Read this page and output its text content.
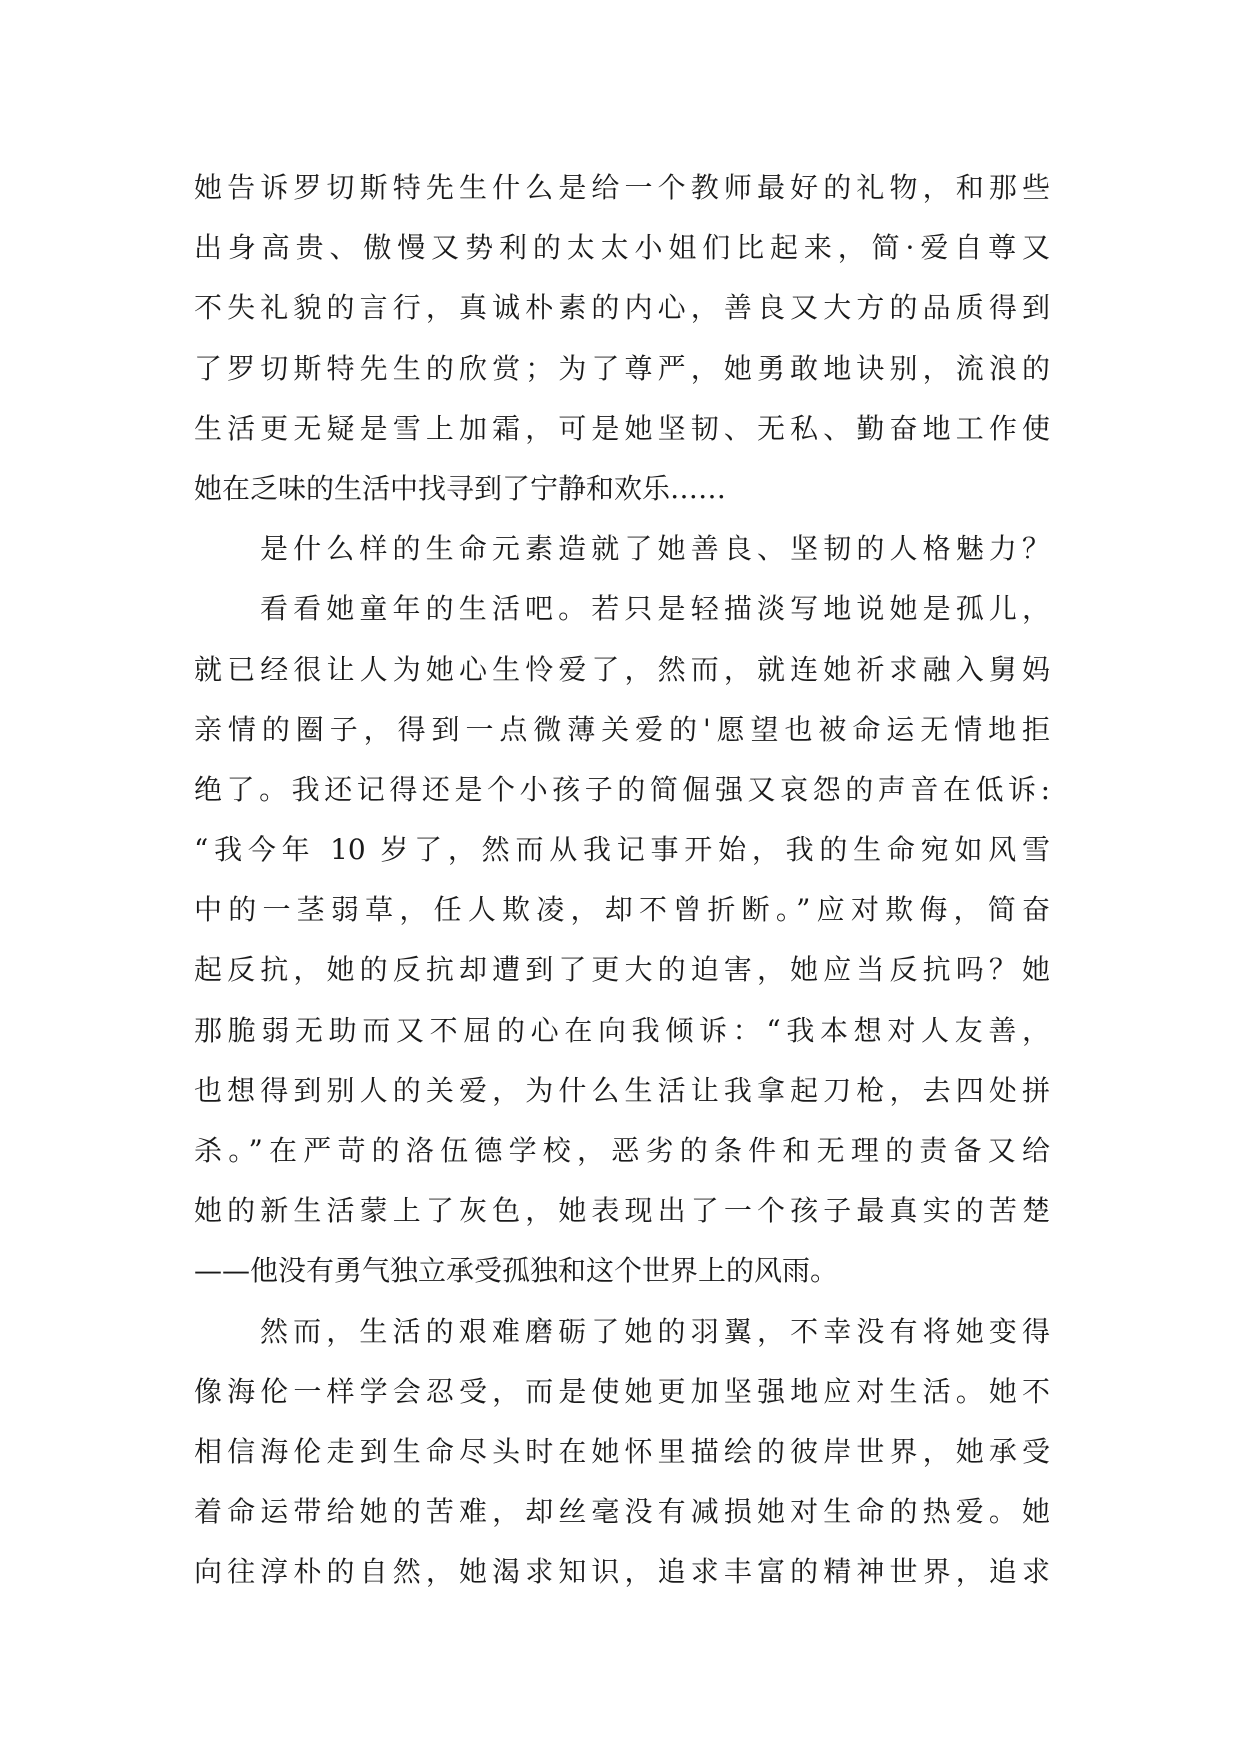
她告诉罗切斯特先生什么是给一个教师最好的礼物，和那些
出身高贵、傲慢又势利的太太小姐们比起来，简·爱自尊又
不失礼貌的言行，真诚朴素的内心，善良又大方的品质得到
了罗切斯特先生的欣赏；为了尊严，她勇敢地诀别，流浪的
生活更无疑是雪上加霜，可是她坚韧、无私、勤奋地工作使
她在乏味的生活中找寻到了宁静和欢乐……
是什么样的生命元素造就了她善良、坚韧的人格魅力？
看看她童年的生活吧。若只是轻描淡写地说她是孤儿，
就已经很让人为她心生怜爱了，然而，就连她祈求融入舅妈
亲情的圈子，得到一点微薄关爱的'愿望也被命运无情地拒
绝了。我还记得还是个小孩子的简倔强又哀怨的声音在低诉:
“我今年 10 岁了，然而从我记事开始，我的生命宛如风雪
中的一茎弱草，任人欺凌，却不曾折断。”应对欺侮，简奋
起反抗，她的反抗却遭到了更大的迫害，她应当反抗吗？她
那脆弱无助而又不屈的心在向我倾诉：“我本想对人友善，
也想得到别人的关爱，为什么生活让我拿起刀枪，去四处拼
杀。”在严苛的洛伍德学校，恶劣的条件和无理的责备又给
她的新生活蒙上了灰色，她表现出了一个孩子最真实的苦楚
——他没有勇气独立承受孤独和这个世界上的风雨。
然而，生活的艰难磨砺了她的羽翼，不幸没有将她变得
像海伦一样学会忍受，而是使她更加坚强地应对生活。她不
相信海伦走到生命尽头时在她怀里描绘的彼岸世界，她承受
着命运带给她的苦难，却丝毫没有减损她对生命的热爱。她
向往淳朴的自然，她渴求知识，追求丰富的精神世界，追求
